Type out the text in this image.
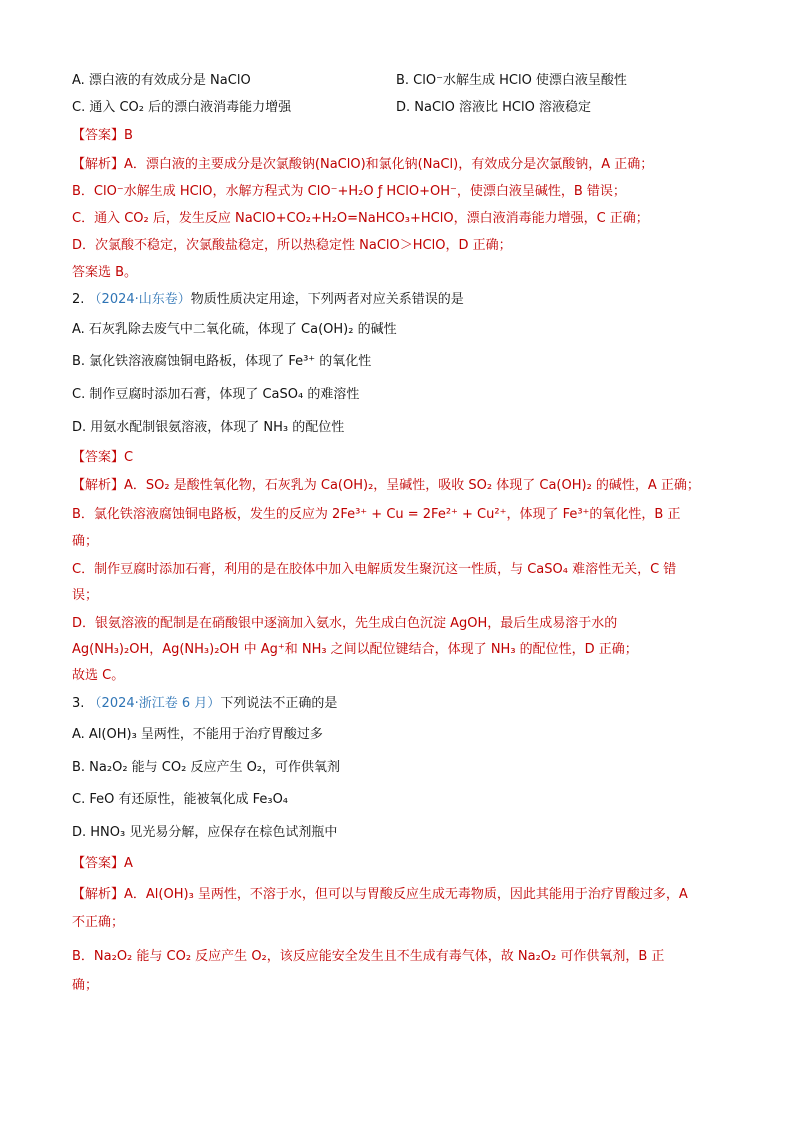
A. 漂白液的有效成分是 NaClO	B. ClO⁻水解生成 HClO 使漂白液呈酸性
C. 通入 CO₂ 后的漂白液消毒能力增强	D. NaClO 溶液比 HClO 溶液稳定
【答案】B
【解析】A．漂白液的主要成分是次氯酸钠(NaClO)和氯化钠(NaCl)，有效成分是次氯酸钠，A 正确；
B．ClO⁻水解生成 HClO，水解方程式为 ClO⁻+H₂O ƒ HClO+OH⁻，使漂白液呈碱性，B 错误；
C．通入 CO₂ 后，发生反应 NaClO+CO₂+H₂O=NaHCO₃+HClO，漂白液消毒能力增强，C 正确；
D．次氯酸不稳定，次氯酸盐稳定，所以热稳定性 NaClO＞HClO，D 正确；
答案选 B。
2. （2024·山东卷）物质性质决定用途，下列两者对应关系错误的是
A. 石灰乳除去废气中二氧化硫，体现了 Ca(OH)₂ 的碱性
B. 氯化铁溶液腐蚀铜电路板，体现了 Fe³⁺ 的氧化性
C. 制作豆腐时添加石膏，体现了 CaSO₄ 的难溶性
D. 用氨水配制银氨溶液，体现了 NH₃ 的配位性
【答案】C
【解析】A．SO₂ 是酸性氧化物，石灰乳为 Ca(OH)₂，呈碱性，吸收 SO₂ 体现了 Ca(OH)₂ 的碱性，A 正确；
B．氯化铁溶液腐蚀铜电路板，发生的反应为 2Fe³⁺ + Cu = 2Fe²⁺ + Cu²⁺，体现了 Fe³⁺的氧化性，B 正
确；
C．制作豆腐时添加石膏，利用的是在胶体中加入电解质发生聚沉这一性质，与 CaSO₄ 难溶性无关，C 错
误；
D．银氨溶液的配制是在硝酸银中逐滴加入氨水，先生成白色沉淀 AgOH，最后生成易溶于水的
Ag(NH₃)₂OH，Ag(NH₃)₂OH 中 Ag⁺和 NH₃ 之间以配位键结合，体现了 NH₃ 的配位性，D 正确；
故选 C。
3. （2024·浙江卷 6 月）下列说法不正确的是
A. Al(OH)₃ 呈两性，不能用于治疗胃酸过多
B. Na₂O₂ 能与 CO₂ 反应产生 O₂，可作供氧剂
C. FeO 有还原性，能被氧化成 Fe₃O₄
D. HNO₃ 见光易分解，应保存在棕色试剂瓶中
【答案】A
【解析】A．Al(OH)₃ 呈两性，不溶于水，但可以与胃酸反应生成无毒物质，因此其能用于治疗胃酸过多，A
不正确；
B．Na₂O₂ 能与 CO₂ 反应产生 O₂，该反应能安全发生且不生成有毒气体，故 Na₂O₂ 可作供氧剂，B 正
确；
